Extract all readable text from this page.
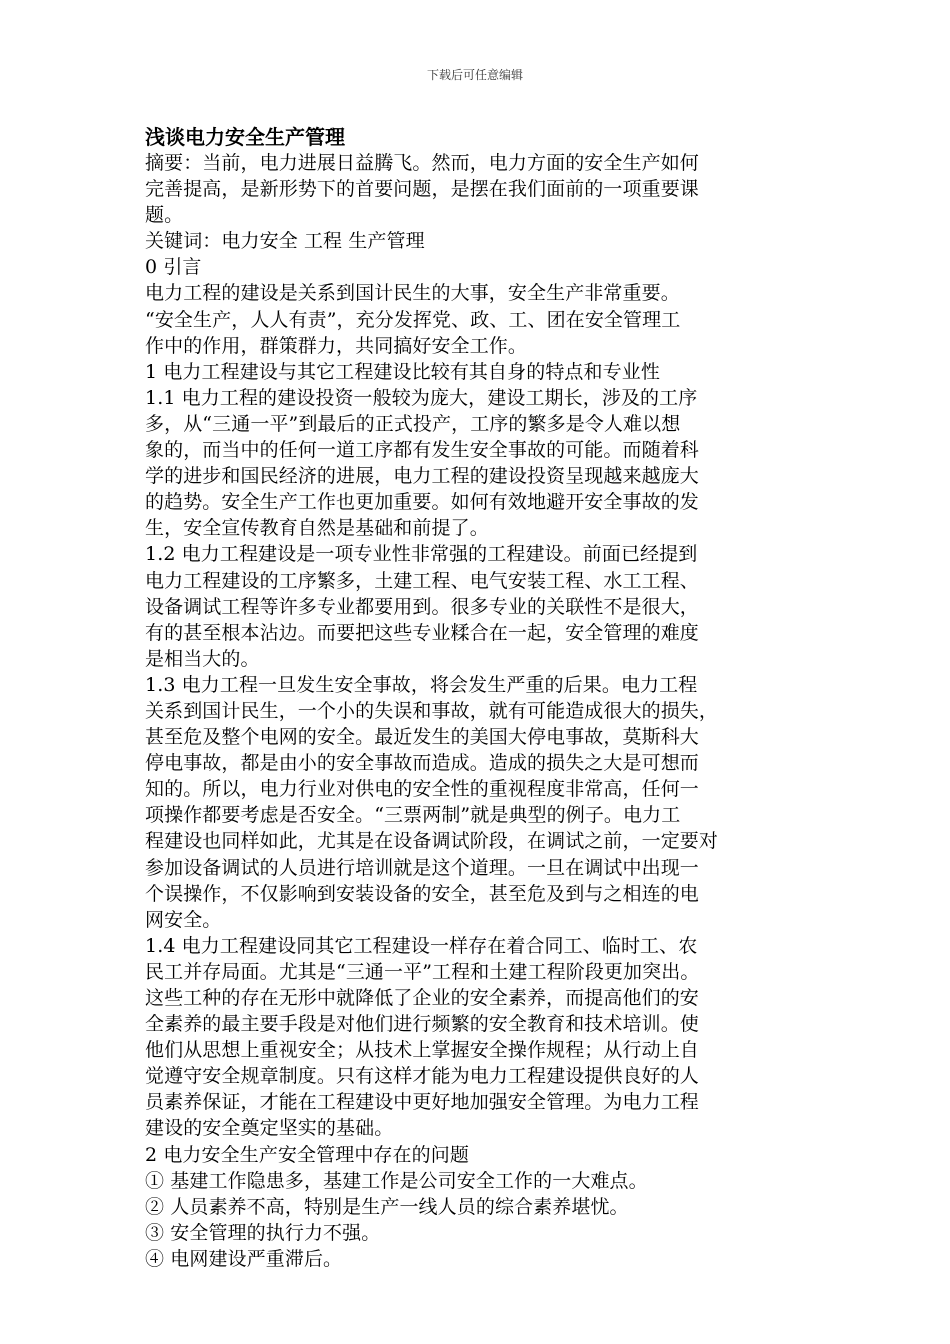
下载后可任意编辑

浅谈电力安全生产管理

摘要：当前，电力进展日益腾飞。然而，电力方面的安全生产如何
完善提高，是新形势下的首要问题，是摆在我们面前的一项重要课
题。

关键词：电力安全 工程 生产管理

0 引言

电力工程的建设是关系到国计民生的大事，安全生产非常重要。
“安全生产，人人有责”，充分发挥党、政、工、团在安全管理工
作中的作用，群策群力，共同搞好安全工作。

1 电力工程建设与其它工程建设比较有其自身的特点和专业性

1.1 电力工程的建设投资一般较为庞大，建设工期长，涉及的工序
多，从“三通一平”到最后的正式投产，工序的繁多是令人难以想
象的，而当中的任何一道工序都有发生安全事故的可能。而随着科
学的进步和国民经济的进展，电力工程的建设投资呈现越来越庞大
的趋势。安全生产工作也更加重要。如何有效地避开安全事故的发
生，安全宣传教育自然是基础和前提了。

1.2 电力工程建设是一项专业性非常强的工程建设。前面已经提到
电力工程建设的工序繁多，土建工程、电气安装工程、水工工程、
设备调试工程等许多专业都要用到。很多专业的关联性不是很大，
有的甚至根本沾边。而要把这些专业糅合在一起，安全管理的难度
是相当大的。

1.3 电力工程一旦发生安全事故，将会发生严重的后果。电力工程
关系到国计民生，一个小的失误和事故，就有可能造成很大的损失，
甚至危及整个电网的安全。最近发生的美国大停电事故，莫斯科大
停电事故，都是由小的安全事故而造成。造成的损失之大是可想而
知的。所以，电力行业对供电的安全性的重视程度非常高，任何一
项操作都要考虑是否安全。“三票两制”就是典型的例子。电力工
程建设也同样如此，尤其是在设备调试阶段，在调试之前，一定要对
参加设备调试的人员进行培训就是这个道理。一旦在调试中出现一
个误操作，不仅影响到安装设备的安全，甚至危及到与之相连的电
网安全。

1.4 电力工程建设同其它工程建设一样存在着合同工、临时工、农
民工并存局面。尤其是“三通一平”工程和土建工程阶段更加突出。
这些工种的存在无形中就降低了企业的安全素养，而提高他们的安
全素养的最主要手段是对他们进行频繁的安全教育和技术培训。使
他们从思想上重视安全；从技术上掌握安全操作规程；从行动上自
觉遵守安全规章制度。只有这样才能为电力工程建设提供良好的人
员素养保证，才能在工程建设中更好地加强安全管理。为电力工程
建设的安全奠定坚实的基础。

2 电力安全生产安全管理中存在的问题

① 基建工作隐患多，基建工作是公司安全工作的一大难点。

② 人员素养不高，特别是生产一线人员的综合素养堪忧。

③ 安全管理的执行力不强。

④ 电网建设严重滞后。
